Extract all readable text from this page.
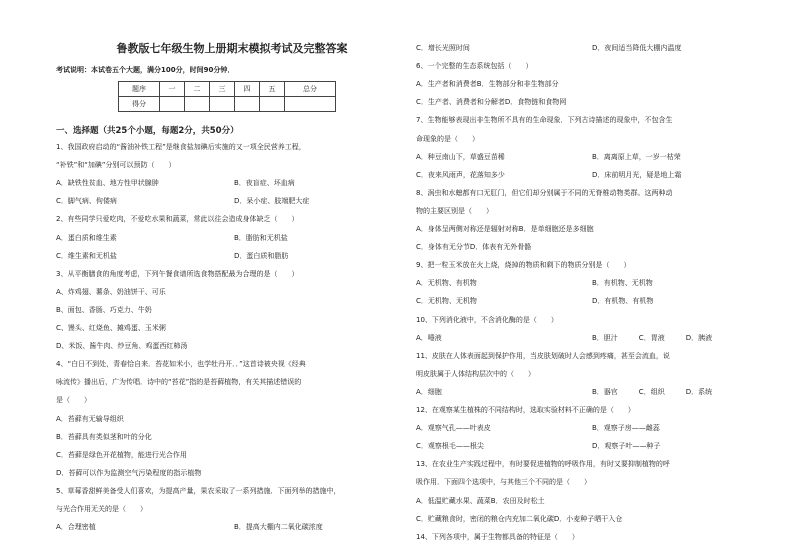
鲁教版七年级生物上册期末模拟考试及完整答案
考试说明：本试卷五个大题，满分100分，时间90分钟．
题序	一	二	三	四	五	总分
得分						
一、选择题（共25个小题，每题2分，共50分）
1、我国政府启动的“酱油补铁工程”是继食盐加碘后实施的又一项全民营养工程，
“补铁”和“加碘”分别可以预防（　　）
A．缺铁性贫血、地方性甲状腺肿	B．夜盲症、坏血病
C．脚气病、佝偻病	D．呆小症、肢端肥大症
2、有些同学只爱吃肉，不爱吃水果和蔬菜，常此以往会造成身体缺乏（　　）
A．蛋白质和维生素	B．脂肪和无机盐
C．维生素和无机盐	D．蛋白质和脂肪
3、从平衡膳食的角度考虑，下列午餐食谱所选食物搭配最为合理的是（　　）
A、炸鸡翅、薯条、奶油饼干、可乐
B、面包、香肠、巧克力、牛奶
C、馒头、红烧鱼、摊鸡蛋、玉米粥
D、米饭、酱牛肉、炒豆角、鸡蛋西红柿汤
4、“白日不到处，青春恰自来．苔花如米小，也学牡丹开．．”这首诗被央视《经典
咏流传》播出后，广为传唱．诗中的“苔花”指的是苔藓植物，有关其描述错误的
是（　　）
A．苔藓有无输导组织
B．苔藓具有类似茎和叶的分化
C．苔藓是绿色开花植物，能进行光合作用
D．苔藓可以作为监测空气污染程度的指示植物
5、草莓香甜鲜美备受人们喜欢，为提高产量，果农采取了一系列措施．下面列举的措施中，
与光合作用无关的是（　　）
A．合理密植	B．提高大棚内二氧化碳浓度
C．增长光照时间	D．夜间适当降低大棚内温度
6、一个完整的生态系统包括（　　）
A．生产者和消费者B．生物部分和非生物部分
C．生产者、消费者和分解者D．食物链和食物网
7、生物能够表现出非生物所不具有的生命现象．下列古诗描述的现象中，不包含生
命现象的是（　　）
A．种豆南山下，草盛豆苗稀	B．离离原上草，一岁一枯荣
C．夜来风雨声，花落知多少	D．床前明月光，疑是地上霜
8、涡虫和水螅都有口无肛门，但它们却分别属于不同的无脊椎动物类群。这两种动
物的主要区别是（　　）
A．身体呈两侧对称还是辐射对称B．是单细胞还是多细胞
C．身体有无分节D．体表有无外骨骼
9、把一粒玉米放在火上烧，烧掉的物质和剩下的物质分别是（　　）
A．无机物、有机物	B．有机物、无机物
C．无机物、无机物	D．有机物、有机物
10、下列消化液中，不含消化酶的是（　　）
A．唾液	B．胆汁　　　C．胃液　　　D．胰液
11、皮肤在人体表面起到保护作用，当皮肤划破时人会感到疼痛，甚至会流血，说
明皮肤属于人体结构层次中的（　　）
A．细胞	B．器官　　　C．组织　　　D．系统
12、在观察某生植株的不同结构时，选取实验材料不正确的是（　　）
A．观察气孔——叶表皮	B．观察子房——雌蕊
C．观察根毛——根尖	D．观察子叶——种子
13、在农业生产实践过程中，有时要促进植物的呼吸作用，有时又要抑制植物的呼
吸作用．下面四个选项中，与其他三个不同的是（　　）
A．低温贮藏水果、蔬菜B．农田及时松土
C．贮藏粮食时，密闭的粮仓内充加二氧化碳D．小麦种子晒干入仓
14、下列各项中，属于生物都具备的特征是（　　）
